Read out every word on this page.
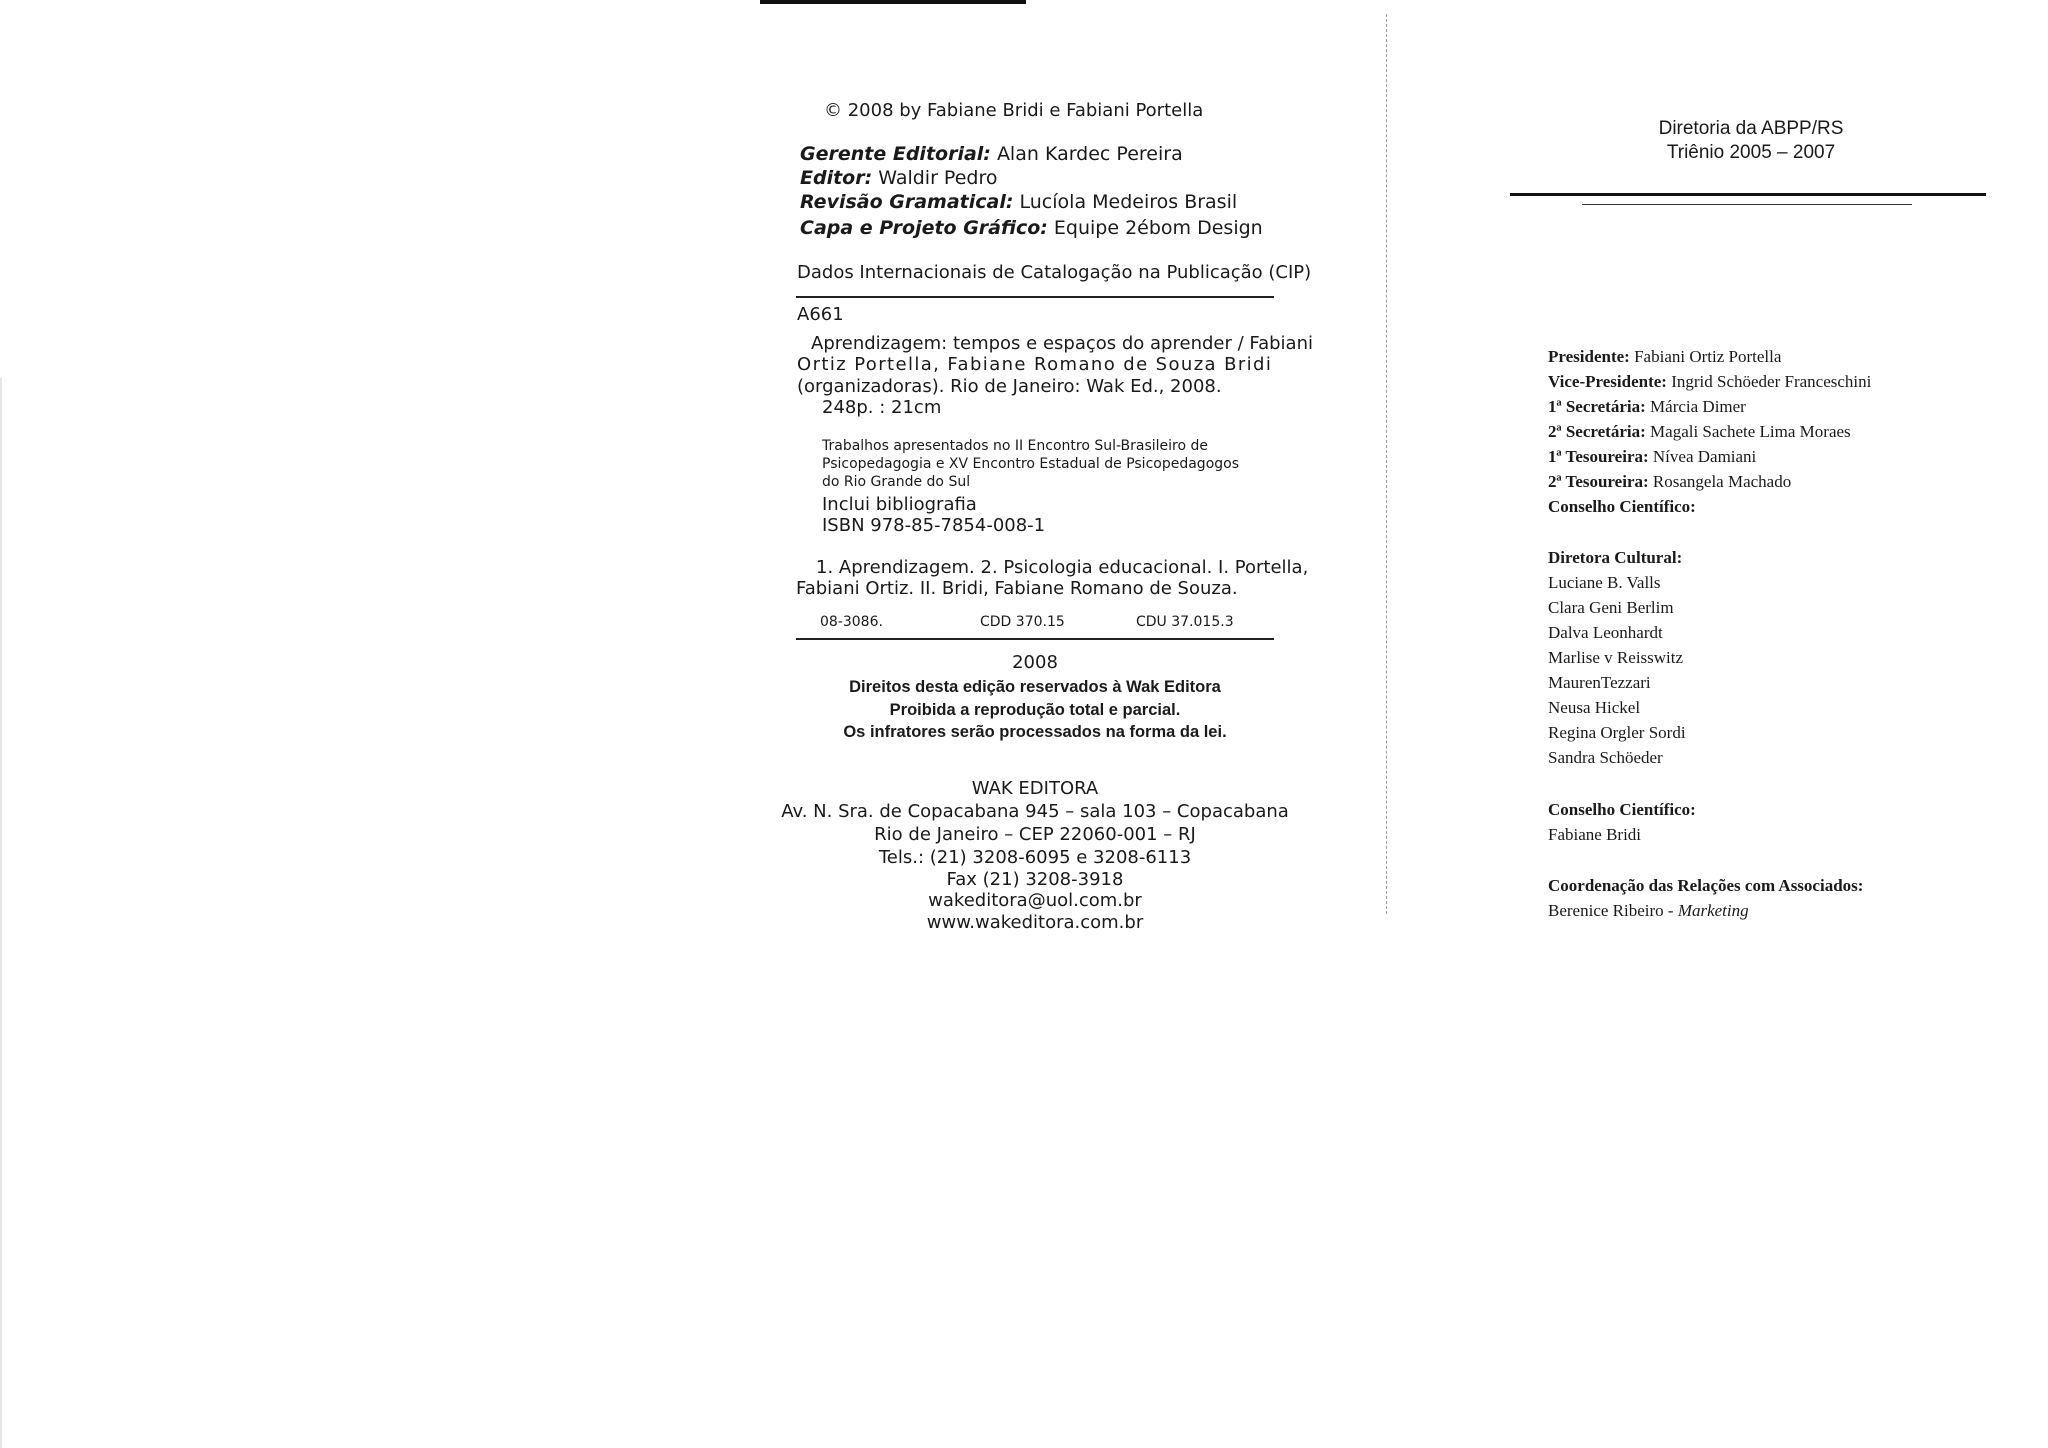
© 2008 by Fabiane Bridi e Fabiani Portella
Gerente Editorial: Alan Kardec Pereira
Editor: Waldir Pedro
Revisão Gramatical: Lucíola Medeiros Brasil
Capa e Projeto Gráfico: Equipe 2ébom Design
Dados Internacionais de Catalogação na Publicação (CIP)
A661
Aprendizagem: tempos e espaços do aprender / Fabiani
Ortiz Portella, Fabiane Romano de Souza Bridi
(organizadoras). Rio de Janeiro: Wak Ed., 2008.
248p. : 21cm
Trabalhos apresentados no II Encontro Sul-Brasileiro de
Psicopedagogia e XV Encontro Estadual de Psicopedagogos
do Rio Grande do Sul
Inclui bibliografia
ISBN 978-85-7854-008-1
1. Aprendizagem. 2. Psicologia educacional. I. Portella,
Fabiani Ortiz. II. Bridi, Fabiane Romano de Souza.
08-3086.	CDD 370.15	CDU 37.015.3
2008
Direitos desta edição reservados à Wak Editora
Proibida a reprodução total e parcial.
Os infratores serão processados na forma da lei.
WAK EDITORA
Av. N. Sra. de Copacabana 945 – sala 103 – Copacabana
Rio de Janeiro – CEP 22060-001 – RJ
Tels.: (21) 3208-6095 e 3208-6113
Fax (21) 3208-3918
wakeditora@uol.com.br
www.wakeditora.com.br
Diretoria da ABPP/RS
Triênio 2005 – 2007
Presidente: Fabiani Ortiz Portella
Vice-Presidente: Ingrid Schöeder Franceschini
1ª Secretária: Márcia Dimer
2ª Secretária: Magali Sachete Lima Moraes
1ª Tesoureira: Nívea Damiani
2ª Tesoureira: Rosangela Machado
Conselho Científico:
Diretora Cultural:
Luciane B. Valls
Clara Geni Berlim
Dalva Leonhardt
Marlise v Reisswitz
MaurenTezzari
Neusa Hickel
Regina Orgler Sordi
Sandra Schöeder
Conselho Científico:
Fabiane Bridi
Coordenação das Relações com Associados:
Berenice Ribeiro - Marketing
